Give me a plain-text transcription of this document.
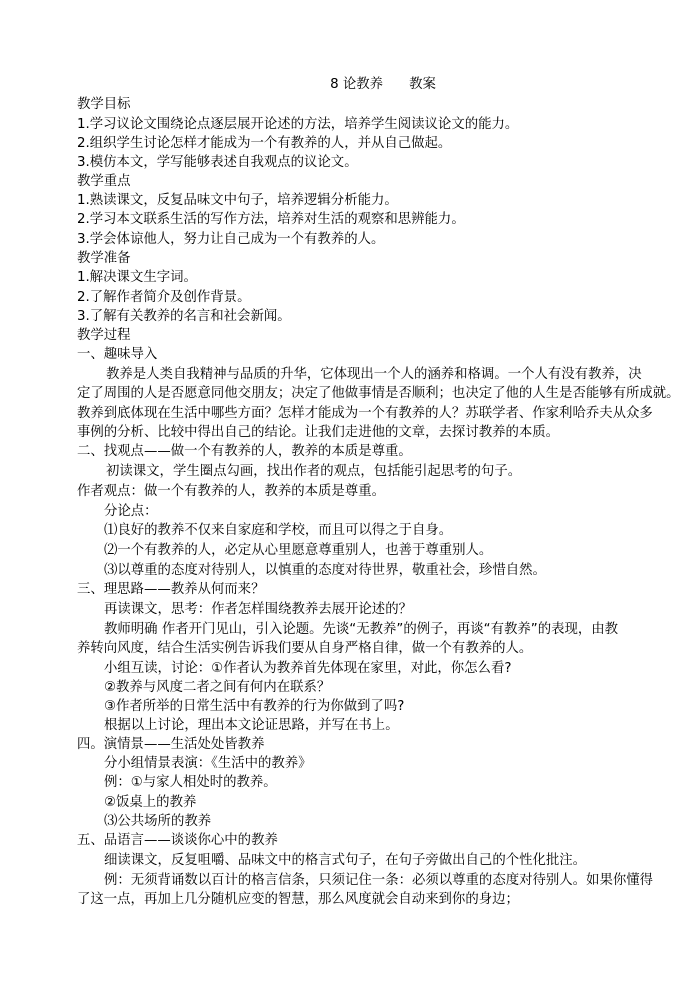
8 论教养 教案
教学目标
1.学习议论文围绕论点逐层展开论述的方法，培养学生阅读议论文的能力。
2.组织学生讨论怎样才能成为一个有教养的人，并从自己做起。
3.模仿本文，学写能够表述自我观点的议论文。
教学重点
1.熟读课文，反复品味文中句子，培养逻辑分析能力。
2.学习本文联系生活的写作方法，培养对生活的观察和思辨能力。
3.学会体谅他人，努力让自己成为一个有教养的人。
教学准备
1.解决课文生字词。
2.了解作者简介及创作背景。
3.了解有关教养的名言和社会新闻。
教学过程
一、趣味导入
教养是人类自我精神与品质的升华，它体现出一个人的涵养和格调。一个人有没有教养，决
定了周围的人是否愿意同他交朋友；决定了他做事情是否顺利；也决定了他的人生是否能够有所成就。
教养到底体现在生活中哪些方面？怎样才能成为一个有教养的人？苏联学者、作家利哈乔夫从众多
事例的分析、比较中得出自己的结论。让我们走进他的文章，去探讨教养的本质。
二、找观点——做一个有教养的人，教养的本质是尊重。
初读课文，学生圈点勾画，找出作者的观点，包括能引起思考的句子。
作者观点：做一个有教养的人，教养的本质是尊重。
分论点：
⑴良好的教养不仅来自家庭和学校，而且可以得之于自身。
⑵一个有教养的人，必定从心里愿意尊重别人，也善于尊重别人。
⑶以尊重的态度对待别人，以慎重的态度对待世界，敬重社会，珍惜自然。
三、理思路——教养从何而来？
再读课文，思考：作者怎样围绕教养去展开论述的？
教师明确 作者开门见山，引入论题。先谈“无教养”的例子，再谈“有教养”的表现，由教
养转向风度，结合生活实例告诉我们要从自身严格自律，做一个有教养的人。
小组互读，讨论：①作者认为教养首先体现在家里，对此，你怎么看?
②教养与风度二者之间有何内在联系？
③作者所举的日常生活中有教养的行为你做到了吗?
根据以上讨论，理出本文论证思路，并写在书上。
四。演情景——生活处处皆教养
分小组情景表演：《生活中的教养》
例：①与家人相处时的教养。
②饭桌上的教养
⑶公共场所的教养
五、品语言——谈谈你心中的教养
细读课文，反复咀嚼、品味文中的格言式句子，在句子旁做出自己的个性化批注。
例：无须背诵数以百计的格言信条，只须记住一条：必须以尊重的态度对待别人。如果你懂得
了这一点，再加上几分随机应变的智慧，那么风度就会自动来到你的身边；
